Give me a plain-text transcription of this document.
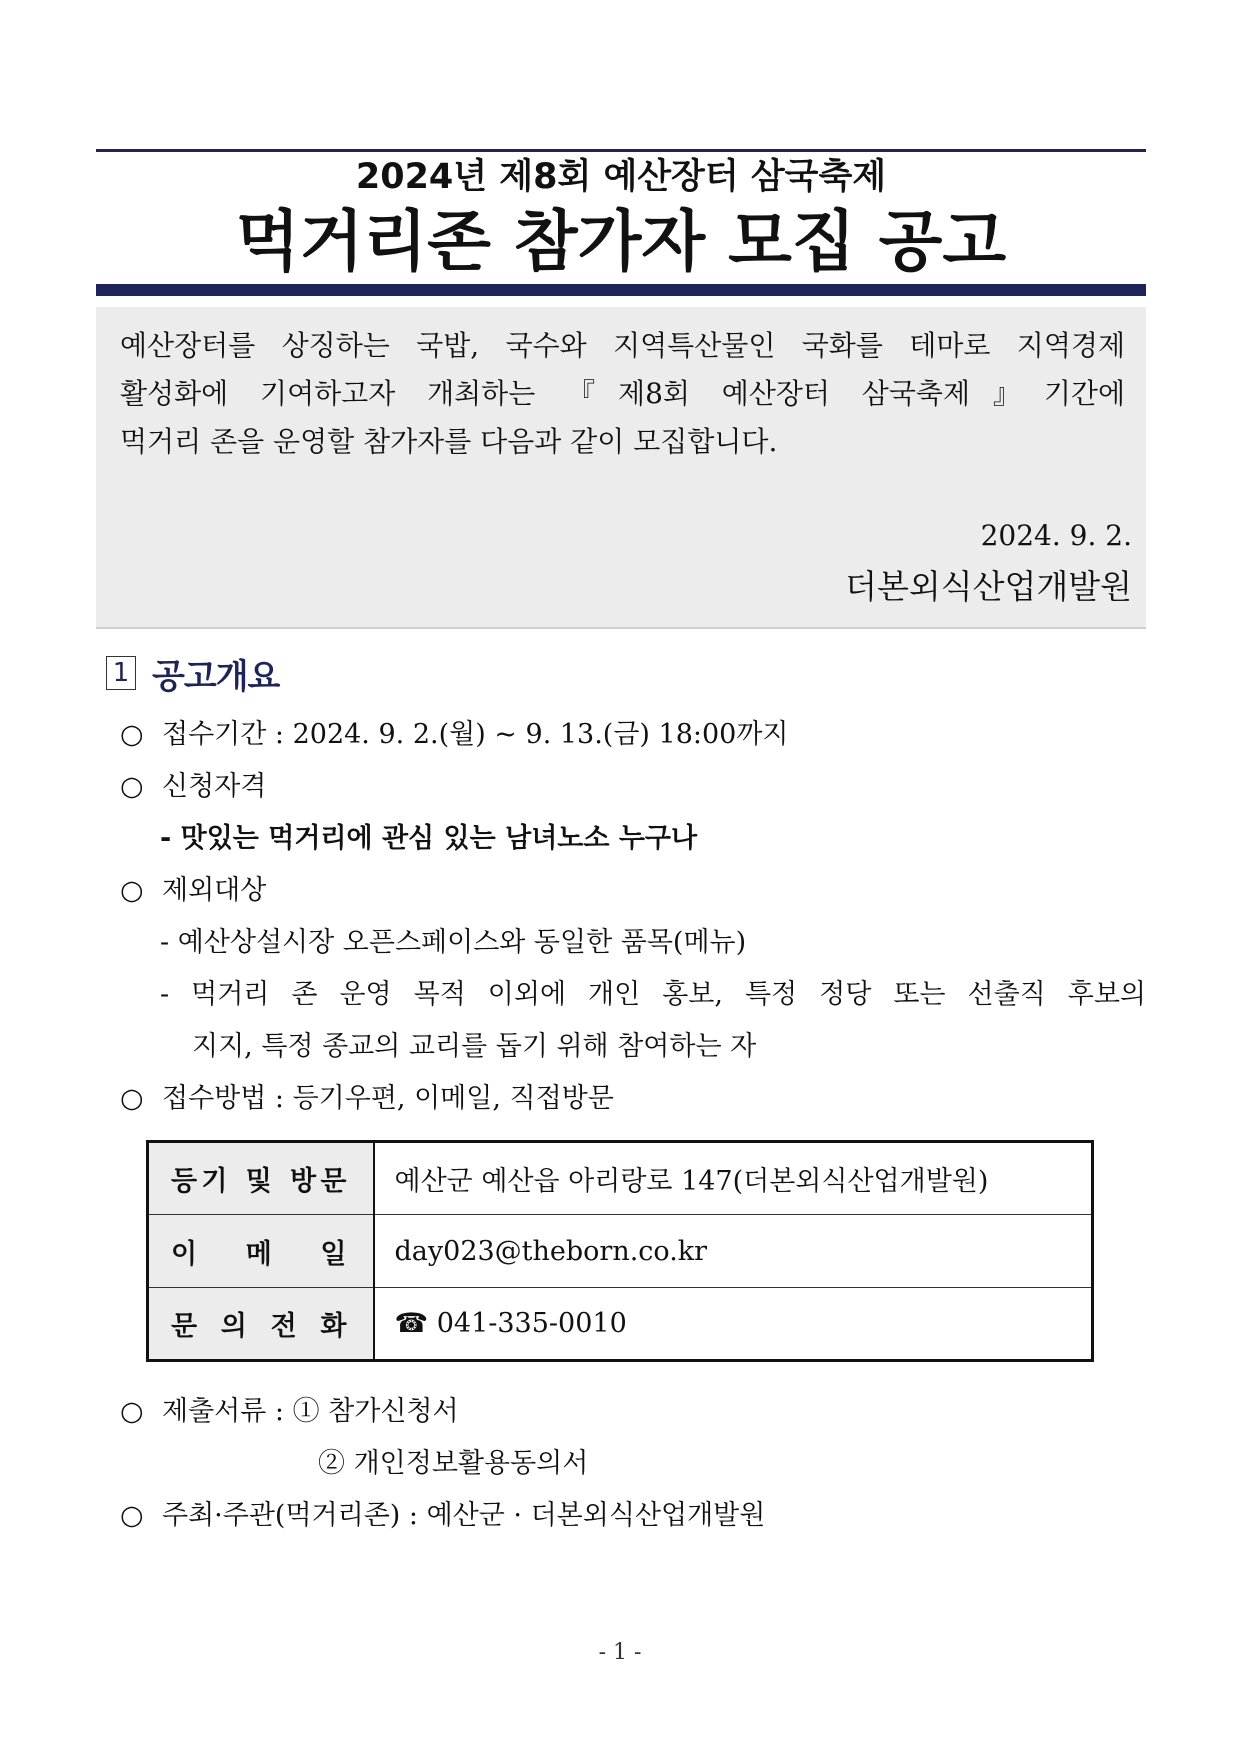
2024년 제8회 예산장터 삼국축제
먹거리존 참가자 모집 공고
예산장터를 상징하는 국밥, 국수와 지역특산물인 국화를 테마로 지역경제
활성화에 기여하고자 개최하는 『제8회 예산장터 삼국축제』기간에
먹거리 존을 운영할 참가자를 다음과 같이 모집합니다.
2024. 9. 2.
더본외식산업개발원
1 공고개요
○ 접수기간 : 2024. 9. 2.(월) ~ 9. 13.(금) 18:00까지
○ 신청자격
- 맛있는 먹거리에 관심 있는 남녀노소 누구나
○ 제외대상
- 예산상설시장 오픈스페이스와 동일한 품목(메뉴)
- 먹거리 존 운영 목적 이외에 개인 홍보, 특정 정당 또는 선출직 후보의
지지, 특정 종교의 교리를 돕기 위해 참여하는 자
○ 접수방법 : 등기우편, 이메일, 직접방문
등 기 및 방 문	예산군 예산읍 아리랑로 147(더본외식산업개발원)

이 메 일	day023@theborn.co.kr

문 의 전 화	☎ 041-335-0010
○ 제출서류 : ① 참가신청서
② 개인정보활용동의서
○ 주최·주관(먹거리존) : 예산군 · 더본외식산업개발원
- 1 -
